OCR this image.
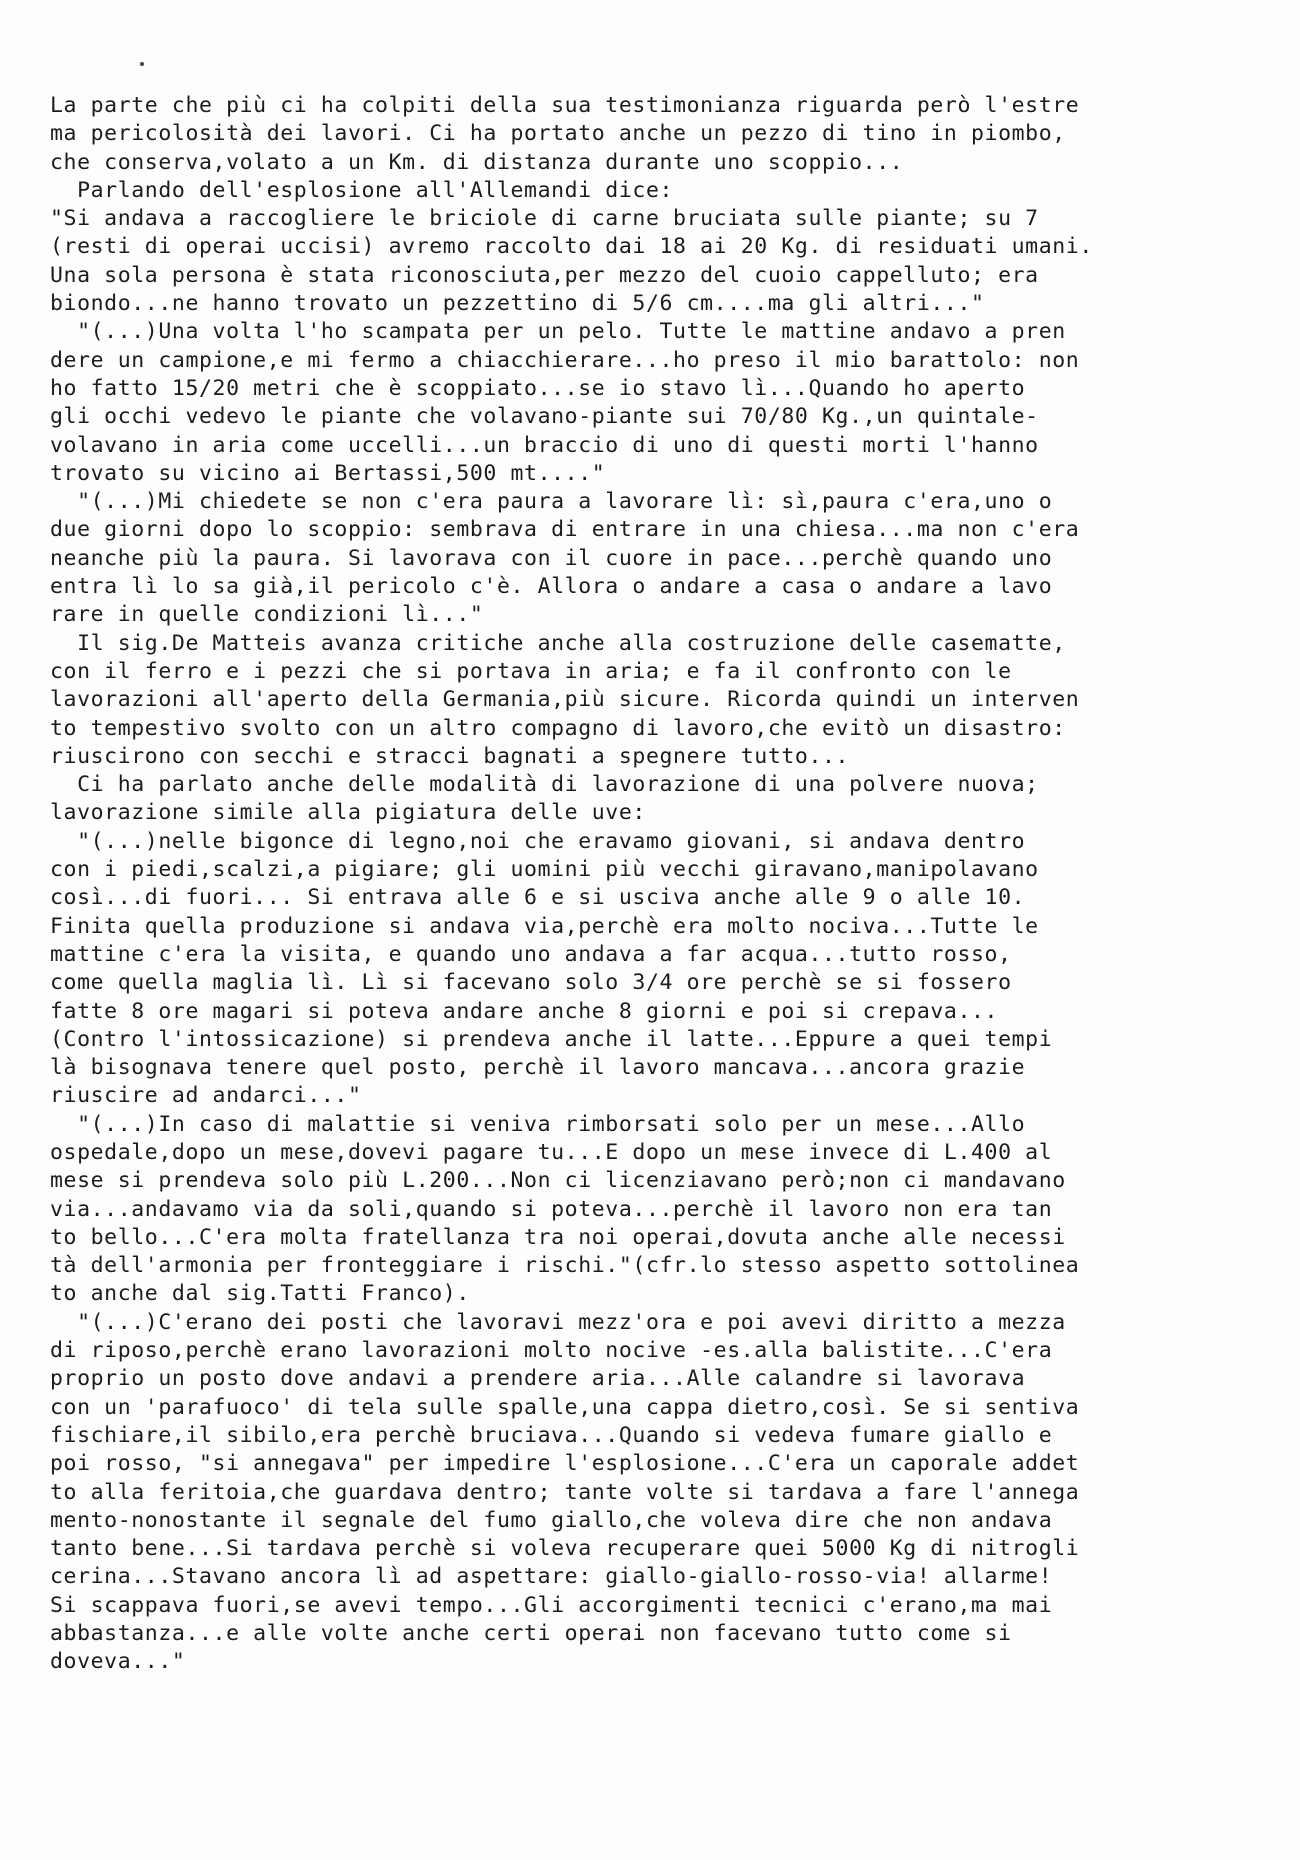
La parte che più ci ha colpiti della sua testimonianza riguarda però l'estre
ma pericolosità dei lavori. Ci ha portato anche un pezzo di tino in piombo,
che conserva,volato a un Km. di distanza durante uno scoppio...
Parlando dell'esplosione all'Allemandi dice:
"Si andava a raccogliere le briciole di carne bruciata sulle piante; su 7
(resti di operai uccisi) avremo raccolto dai 18 ai 20 Kg. di residuati umani.
Una sola persona è stata riconosciuta,per mezzo del cuoio cappelluto; era
biondo...ne hanno trovato un pezzettino di 5/6 cm....ma gli altri..."
"(...)Una volta l'ho scampata per un pelo. Tutte le mattine andavo a pren
dere un campione,e mi fermo a chiacchierare...ho preso il mio barattolo: non
ho fatto 15/20 metri che è scoppiato...se io stavo lì...Quando ho aperto
gli occhi vedevo le piante che volavano-piante sui 70/80 Kg.,un quintale-
volavano in aria come uccelli...un braccio di uno di questi morti l'hanno
trovato su vicino ai Bertassi,500 mt...."
"(...)Mi chiedete se non c'era paura a lavorare lì: sì,paura c'era,uno o
due giorni dopo lo scoppio: sembrava di entrare in una chiesa...ma non c'era
neanche più la paura. Si lavorava con il cuore in pace...perchè quando uno
entra lì lo sa già,il pericolo c'è. Allora o andare a casa o andare a lavo
rare in quelle condizioni lì..."
Il sig.De Matteis avanza critiche anche alla costruzione delle casematte,
con il ferro e i pezzi che si portava in aria; e fa il confronto con le
lavorazioni all'aperto della Germania,più sicure. Ricorda quindi un interven
to tempestivo svolto con un altro compagno di lavoro,che evitò un disastro:
riuscirono con secchi e stracci bagnati a spegnere tutto...
Ci ha parlato anche delle modalità di lavorazione di una polvere nuova;
lavorazione simile alla pigiatura delle uve:
"(...)nelle bigonce di legno,noi che eravamo giovani, si andava dentro
con i piedi,scalzi,a pigiare; gli uomini più vecchi giravano,manipolavano
così...di fuori... Si entrava alle 6 e si usciva anche alle 9 o alle 10.
Finita quella produzione si andava via,perchè era molto nociva...Tutte le
mattine c'era la visita, e quando uno andava a far acqua...tutto rosso,
come quella maglia lì. Lì si facevano solo 3/4 ore perchè se si fossero
fatte 8 ore magari si poteva andare anche 8 giorni e poi si crepava...
(Contro l'intossicazione) si prendeva anche il latte...Eppure a quei tempi
là bisognava tenere quel posto, perchè il lavoro mancava...ancora grazie
riuscire ad andarci..."
"(...)In caso di malattie si veniva rimborsati solo per un mese...Allo
ospedale,dopo un mese,dovevi pagare tu...E dopo un mese invece di L.400 al
mese si prendeva solo più L.200...Non ci licenziavano però;non ci mandavano
via...andavamo via da soli,quando si poteva...perchè il lavoro non era tan
to bello...C'era molta fratellanza tra noi operai,dovuta anche alle necessi
tà dell'armonia per fronteggiare i rischi."(cfr.lo stesso aspetto sottolinea
to anche dal sig.Tatti Franco).
"(...)C'erano dei posti che lavoravi mezz'ora e poi avevi diritto a mezza
di riposo,perchè erano lavorazioni molto nocive -es.alla balistite...C'era
proprio un posto dove andavi a prendere aria...Alle calandre si lavorava
con un 'parafuoco' di tela sulle spalle,una cappa dietro,così. Se si sentiva
fischiare,il sibilo,era perchè bruciava...Quando si vedeva fumare giallo e
poi rosso, "si annegava" per impedire l'esplosione...C'era un caporale addet
to alla feritoia,che guardava dentro; tante volte si tardava a fare l'annega
mento-nonostante il segnale del fumo giallo,che voleva dire che non andava
tanto bene...Si tardava perchè si voleva recuperare quei 5000 Kg di nitrogli
cerina...Stavano ancora lì ad aspettare: giallo-giallo-rosso-via! allarme!
Si scappava fuori,se avevi tempo...Gli accorgimenti tecnici c'erano,ma mai
abbastanza...e alle volte anche certi operai non facevano tutto come si
doveva..."
